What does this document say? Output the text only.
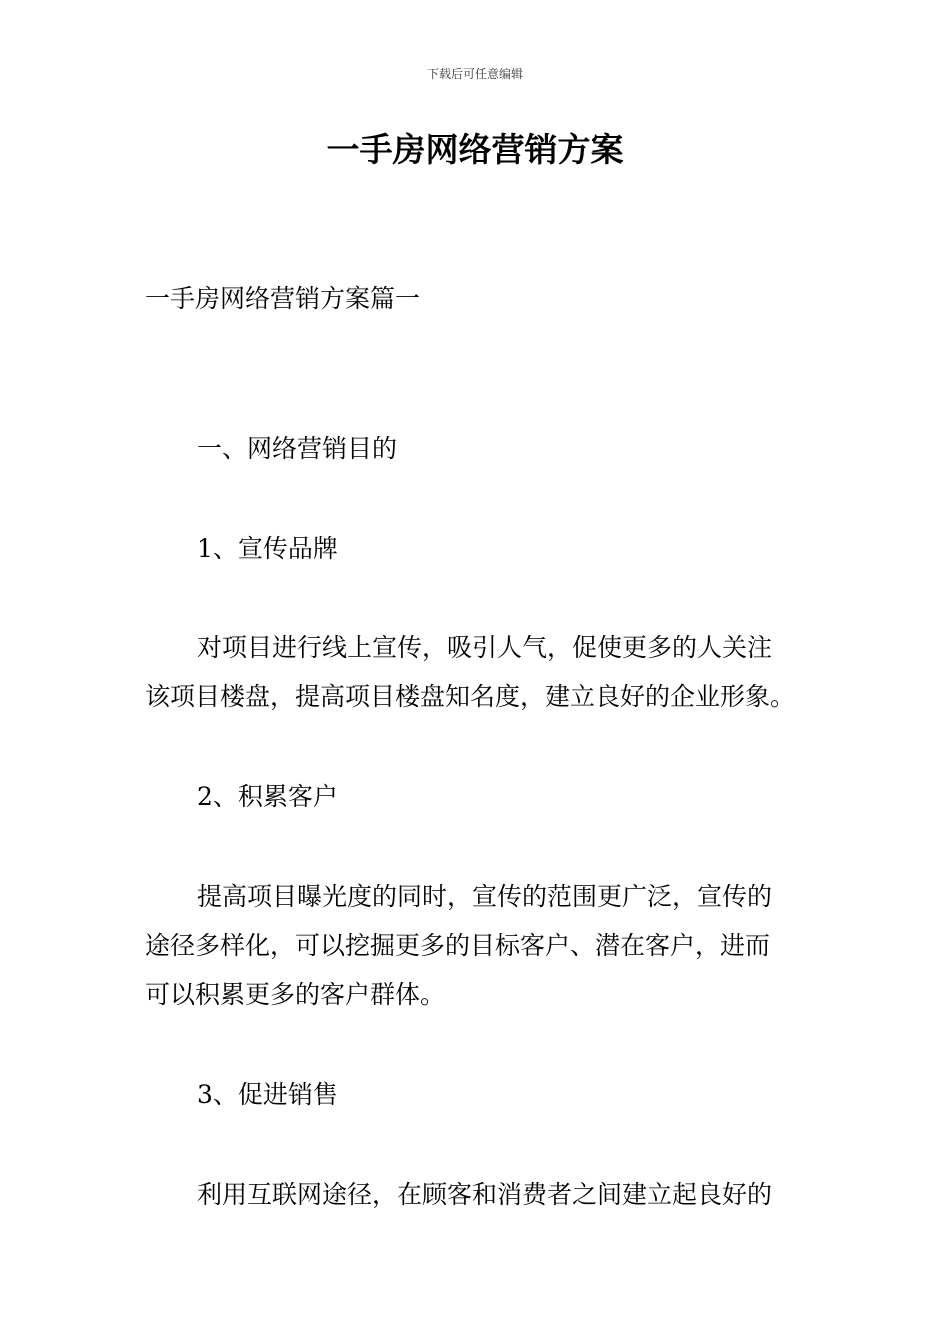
下载后可任意编辑
一手房网络营销方案

一手房网络营销方案篇一

一、网络营销目的

1、宣传品牌

对项目进行线上宣传，吸引人气，促使更多的人关注

该项目楼盘，提高项目楼盘知名度，建立良好的企业形象。

2、积累客户

提高项目曝光度的同时，宣传的范围更广泛，宣传的

途径多样化，可以挖掘更多的目标客户、潜在客户，进而

可以积累更多的客户群体。

3、促进销售

利用互联网途径，在顾客和消费者之间建立起良好的
